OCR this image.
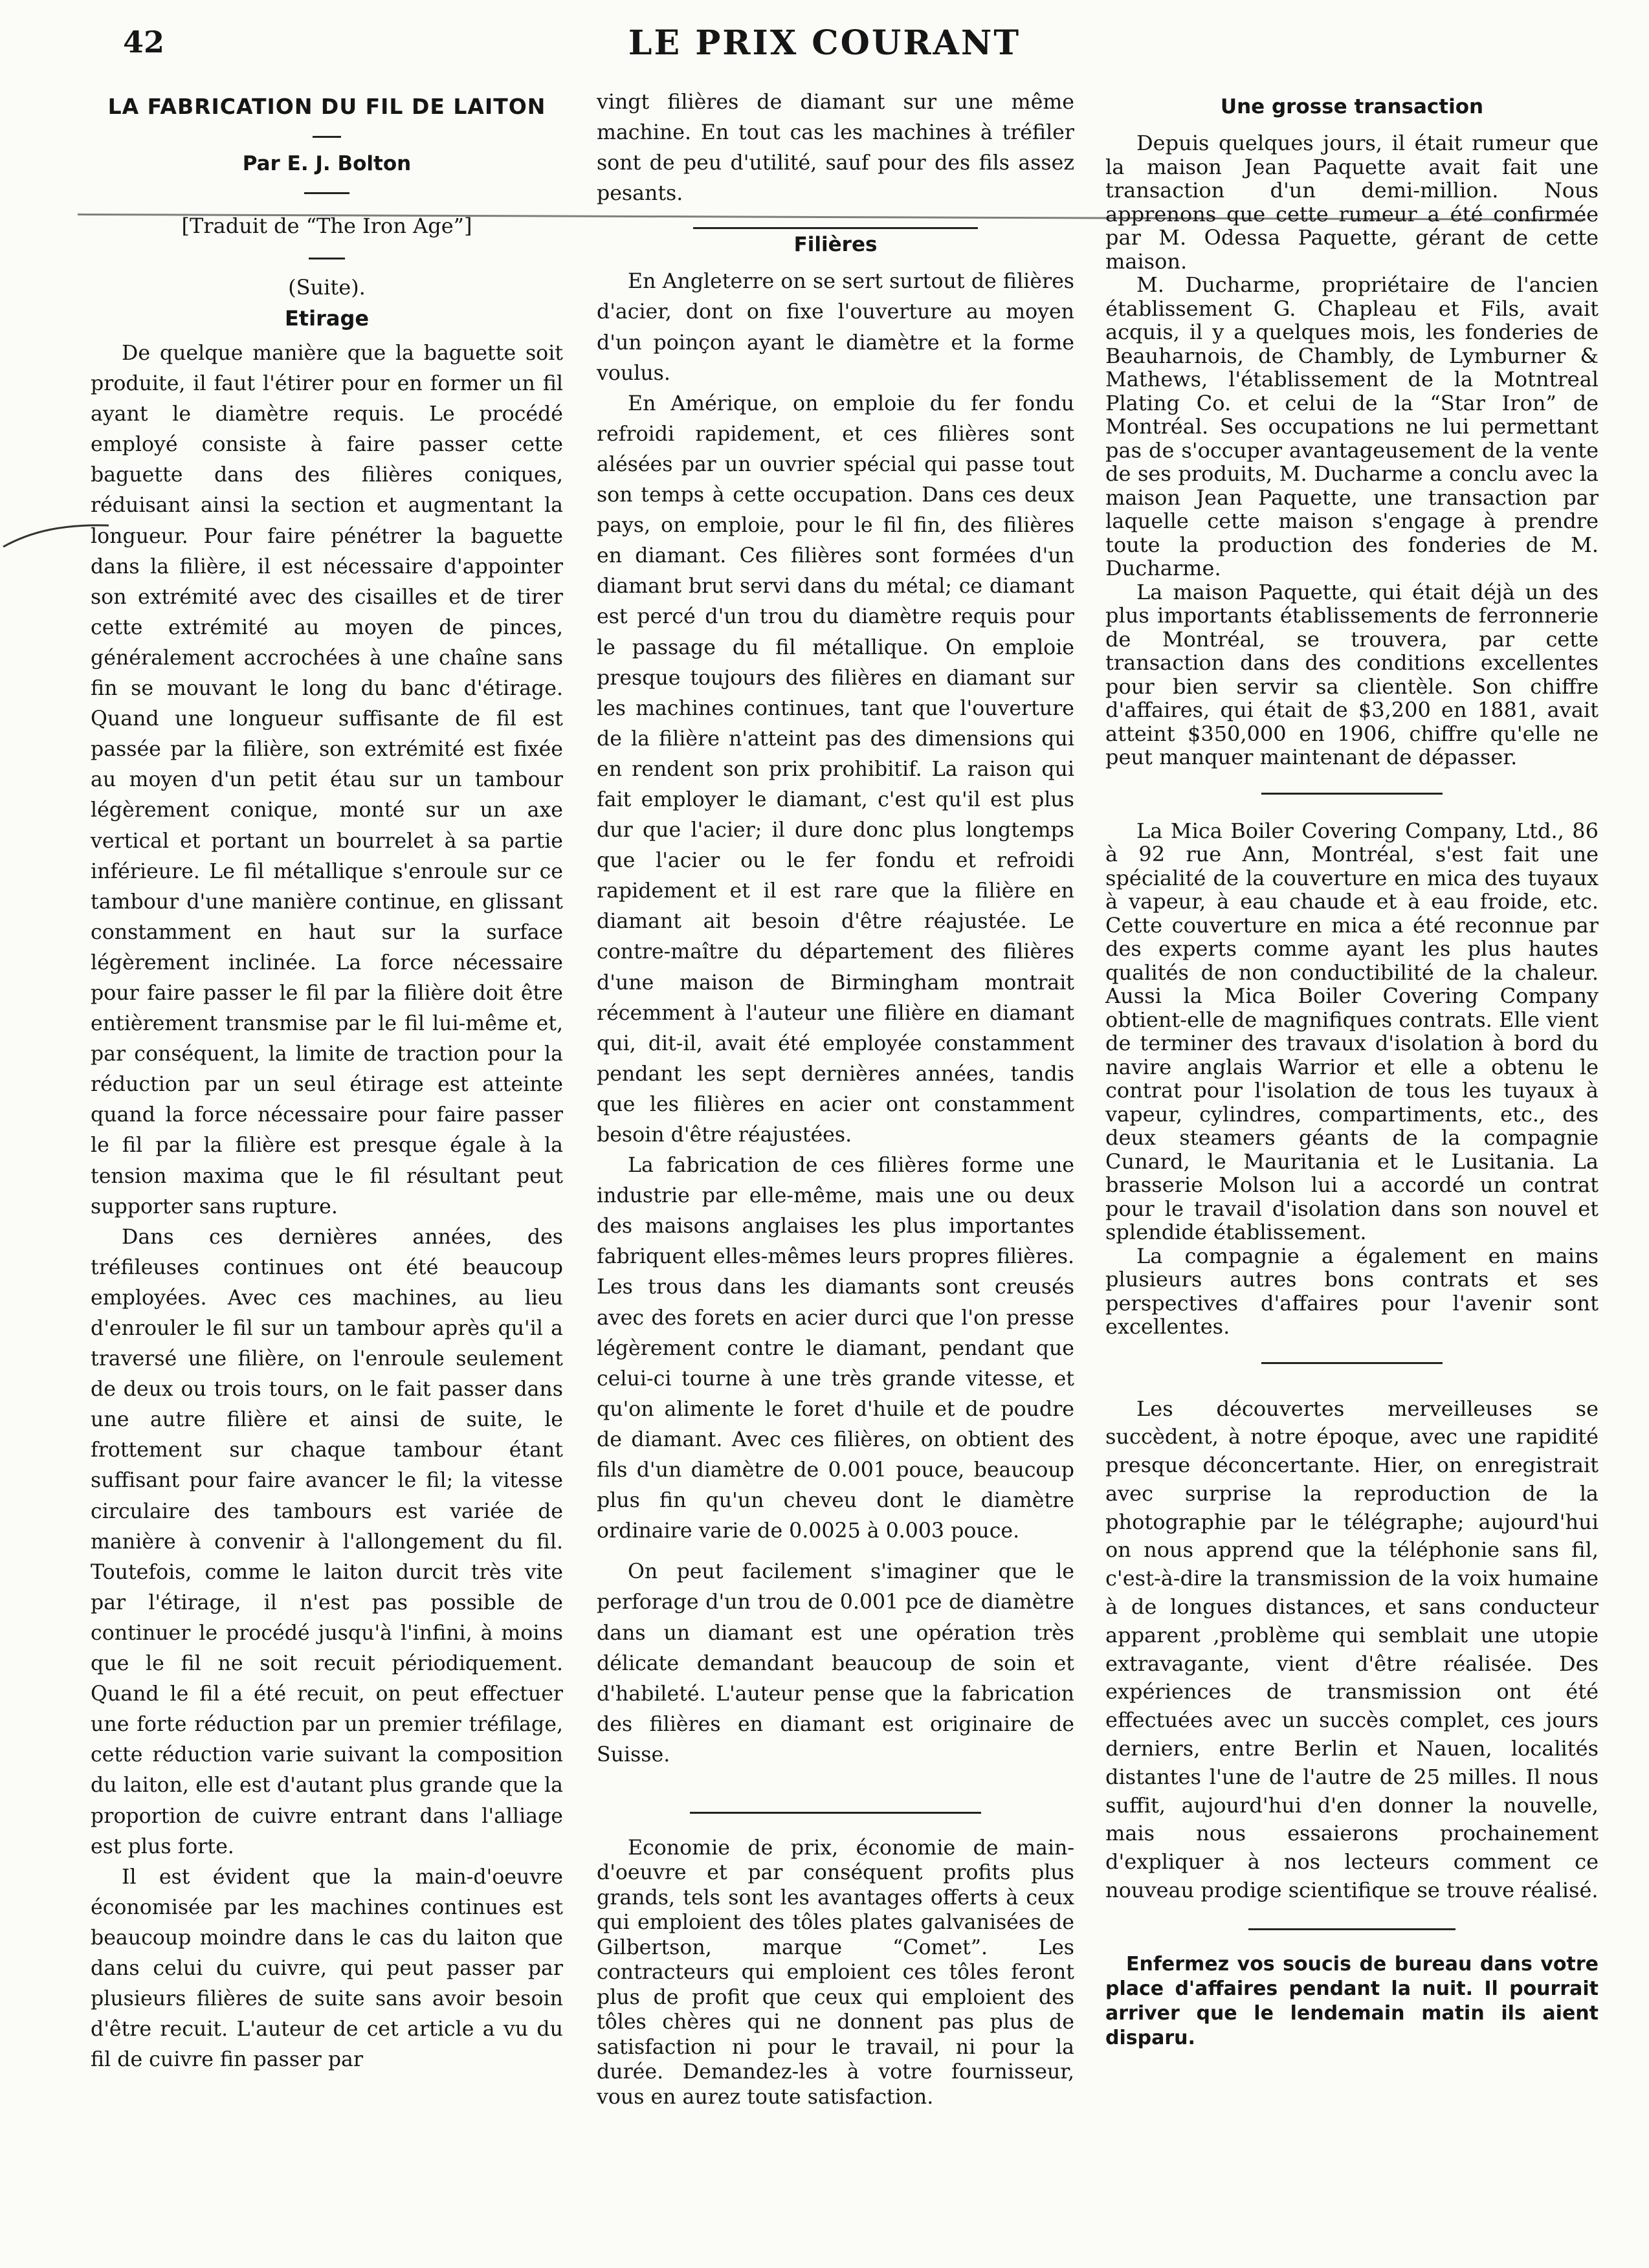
42	LE PRIX COURANT
LA FABRICATION DU FIL DE LAITON
Par E. J. Bolton
[Traduit de “The Iron Age”]
(Suite).
Etirage

De quelque manière que la baguette soit produite, il faut l'étirer pour en former un fil ayant le diamètre requis. Le procédé employé consiste à faire passer cette baguette dans des filières coniques, réduisant ainsi la section et augmentant la longueur. Pour faire pénétrer la baguette dans la filière, il est nécessaire d'appointer son extrémité avec des cisailles et de tirer cette extrémité au moyen de pinces, généralement accrochées à une chaîne sans fin se mouvant le long du banc d'étirage. Quand une longueur suffisante de fil est passée par la filière, son extrémité est fixée au moyen d'un petit étau sur un tambour légèrement conique, monté sur un axe vertical et portant un bourrelet à sa partie inférieure. Le fil métallique s'enroule sur ce tambour d'une manière continue, en glissant constamment en haut sur la surface légèrement inclinée. La force nécessaire pour faire passer le fil par la filière doit être entièrement transmise par le fil lui-même et, par conséquent, la limite de traction pour la réduction par un seul étirage est atteinte quand la force nécessaire pour faire passer le fil par la filière est presque égale à la tension maxima que le fil résultant peut supporter sans rupture.

Dans ces dernières années, des tréfileuses continues ont été beaucoup employées. Avec ces machines, au lieu d'enrouler le fil sur un tambour après qu'il a traversé une filière, on l'enroule seulement de deux ou trois tours, on le fait passer dans une autre filière et ainsi de suite, le frottement sur chaque tambour étant suffisant pour faire avancer le fil; la vitesse circulaire des tambours est variée de manière à convenir à l'allongement du fil. Toutefois, comme le laiton durcit très vite par l'étirage, il n'est pas possible de continuer le procédé jusqu'à l'infini, à moins que le fil ne soit recuit périodiquement. Quand le fil a été recuit, on peut effectuer une forte réduction par un premier tréfilage, cette réduction varie suivant la composition du laiton, elle est d'autant plus grande que la proportion de cuivre entrant dans l'alliage est plus forte.

Il est évident que la main-d'oeuvre économisée par les machines continues est beaucoup moindre dans le cas du laiton que dans celui du cuivre, qui peut passer par plusieurs filières de suite sans avoir besoin d'être recuit. L'auteur de cet article a vu du fil de cuivre fin passer par

vingt filières de diamant sur une même machine. En tout cas les machines à tréfiler sont de peu d'utilité, sauf pour des fils assez pesants.

Filières

En Angleterre on se sert surtout de filières d'acier, dont on fixe l'ouverture au moyen d'un poinçon ayant le diamètre et la forme voulus.

En Amérique, on emploie du fer fondu refroidi rapidement, et ces filières sont alésées par un ouvrier spécial qui passe tout son temps à cette occupation. Dans ces deux pays, on emploie, pour le fil fin, des filières en diamant. Ces filières sont formées d'un diamant brut servi dans du métal; ce diamant est percé d'un trou du diamètre requis pour le passage du fil métallique. On emploie presque toujours des filières en diamant sur les machines continues, tant que l'ouverture de la filière n'atteint pas des dimensions qui en rendent son prix prohibitif. La raison qui fait employer le diamant, c'est qu'il est plus dur que l'acier; il dure donc plus longtemps que l'acier ou le fer fondu et refroidi rapidement et il est rare que la filière en diamant ait besoin d'être réajustée. Le contre-maître du département des filières d'une maison de Birmingham montrait récemment à l'auteur une filière en diamant qui, dit-il, avait été employée constamment pendant les sept dernières années, tandis que les filières en acier ont constamment besoin d'être réajustées.

La fabrication de ces filières forme une industrie par elle-même, mais une ou deux des maisons anglaises les plus importantes fabriquent elles-mêmes leurs propres filières. Les trous dans les diamants sont creusés avec des forets en acier durci que l'on presse légèrement contre le diamant, pendant que celui-ci tourne à une très grande vitesse, et qu'on alimente le foret d'huile et de poudre de diamant. Avec ces filières, on obtient des fils d'un diamètre de 0.001 pouce, beaucoup plus fin qu'un cheveu dont le diamètre ordinaire varie de 0.0025 à 0.003 pouce.

On peut facilement s'imaginer que le perforage d'un trou de 0.001 pce de diamètre dans un diamant est une opération très délicate demandant beaucoup de soin et d'habileté. L'auteur pense que la fabrication des filières en diamant est originaire de Suisse.

Economie de prix, économie de main-d'oeuvre et par conséquent profits plus grands, tels sont les avantages offerts à ceux qui emploient des tôles plates galvanisées de Gilbertson, marque “Comet”. Les contracteurs qui emploient ces tôles feront plus de profit que ceux qui emploient des tôles chères qui ne donnent pas plus de satisfaction ni pour le travail, ni pour la durée. Demandez-les à votre fournisseur, vous en aurez toute satisfaction.

Une grosse transaction

Depuis quelques jours, il était rumeur que la maison Jean Paquette avait fait une transaction d'un demi-million. Nous apprenons que cette rumeur a été confirmée par M. Odessa Paquette, gérant de cette maison.

M. Ducharme, propriétaire de l'ancien établissement G. Chapleau et Fils, avait acquis, il y a quelques mois, les fonderies de Beauharnois, de Chambly, de Lymburner & Mathews, l'établissement de la Motntreal Plating Co. et celui de la “Star Iron” de Montréal. Ses occupations ne lui permettant pas de s'occuper avantageusement de la vente de ses produits, M. Ducharme a conclu avec la maison Jean Paquette, une transaction par laquelle cette maison s'engage à prendre toute la production des fonderies de M. Ducharme.

La maison Paquette, qui était déjà un des plus importants établissements de ferronnerie de Montréal, se trouvera, par cette transaction dans des conditions excellentes pour bien servir sa clientèle. Son chiffre d'affaires, qui était de $3,200 en 1881, avait atteint $350,000 en 1906, chiffre qu'elle ne peut manquer maintenant de dépasser.

La Mica Boiler Covering Company, Ltd., 86 à 92 rue Ann, Montréal, s'est fait une spécialité de la couverture en mica des tuyaux à vapeur, à eau chaude et à eau froide, etc. Cette couverture en mica a été reconnue par des experts comme ayant les plus hautes qualités de non conductibilité de la chaleur. Aussi la Mica Boiler Covering Company obtient-elle de magnifiques contrats. Elle vient de terminer des travaux d'isolation à bord du navire anglais Warrior et elle a obtenu le contrat pour l'isolation de tous les tuyaux à vapeur, cylindres, compartiments, etc., des deux steamers géants de la compagnie Cunard, le Mauritania et le Lusitania. La brasserie Molson lui a accordé un contrat pour le travail d'isolation dans son nouvel et splendide établissement.

La compagnie a également en mains plusieurs autres bons contrats et ses perspectives d'affaires pour l'avenir sont excellentes.

Les découvertes merveilleuses se succèdent, à notre époque, avec une rapidité presque déconcertante. Hier, on enregistrait avec surprise la reproduction de la photographie par le télégraphe; aujourd'hui on nous apprend que la téléphonie sans fil, c'est-à-dire la transmission de la voix humaine à de longues distances, et sans conducteur apparent ,problème qui semblait une utopie extravagante, vient d'être réalisée. Des expériences de transmission ont été effectuées avec un succès complet, ces jours derniers, entre Berlin et Nauen, localités distantes l'une de l'autre de 25 milles. Il nous suffit, aujourd'hui d'en donner la nouvelle, mais nous essaierons prochainement d'expliquer à nos lecteurs comment ce nouveau prodige scientifique se trouve réalisé.

Enfermez vos soucis de bureau dans votre place d'affaires pendant la nuit. Il pourrait arriver que le lendemain matin ils aient disparu.
